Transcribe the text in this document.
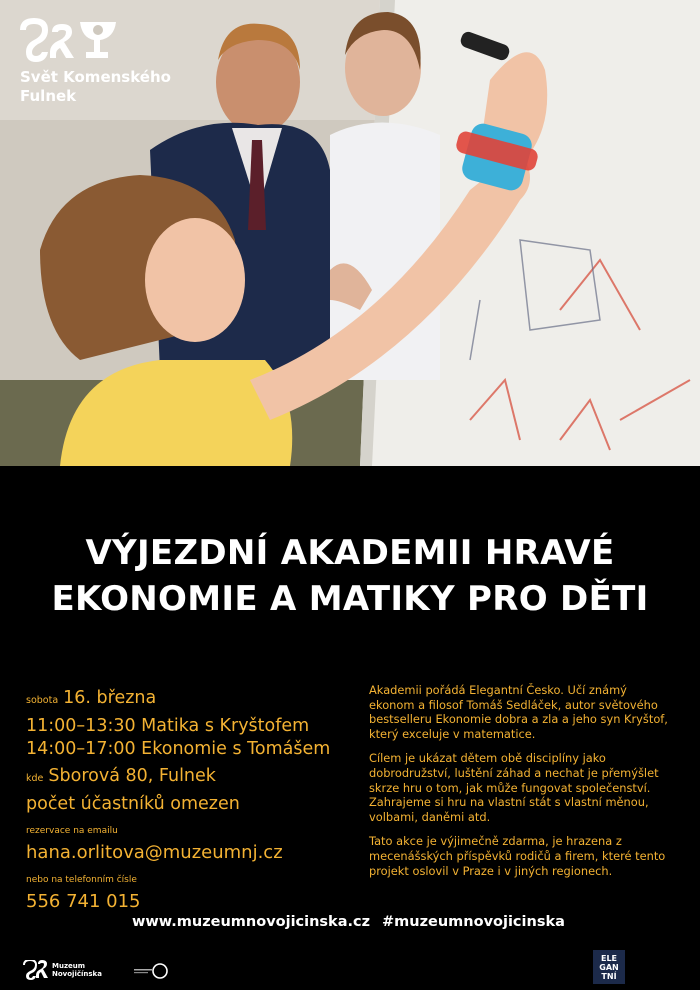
Svět Komenského
Fulnek
VÝJEZDNÍ AKADEMII HRAVÉ
EKONOMIE A MATIKY PRO DĚTI
sobota 16. března
11:00–13:30 Matika s Kryštofem
14:00–17:00 Ekonomie s Tomášem
kde Sborová 80, Fulnek
počet účastníků omezen
rezervace na emailu
hana.orlitova@muzeumnj.cz
nebo na telefonním čísle
556 741 015

Akademii pořádá Elegantní Česko. Učí známý ekonom a filosof Tomáš Sedláček, autor světového bestselleru Ekonomie dobra a zla a jeho syn Kryštof, který exceluje v matematice.

Cílem je ukázat dětem obě disciplíny jako dobrodružství, luštění záhad a nechat je přemýšlet skrze hru o tom, jak může fungovat společenství. Zahrajeme si hru na vlastní stát s vlastní měnou, volbami, daněmi atd.

Tato akce je výjimečně zdarma, je hrazena z mecenášských příspěvků rodičů a firem, které tento projekt oslovil v Praze i v jiných regionech.

www.muzeumnovojicinska.cz #muzeumnovojicinska
Muzeum
Novojičínska
ELE GAN TNÍ
